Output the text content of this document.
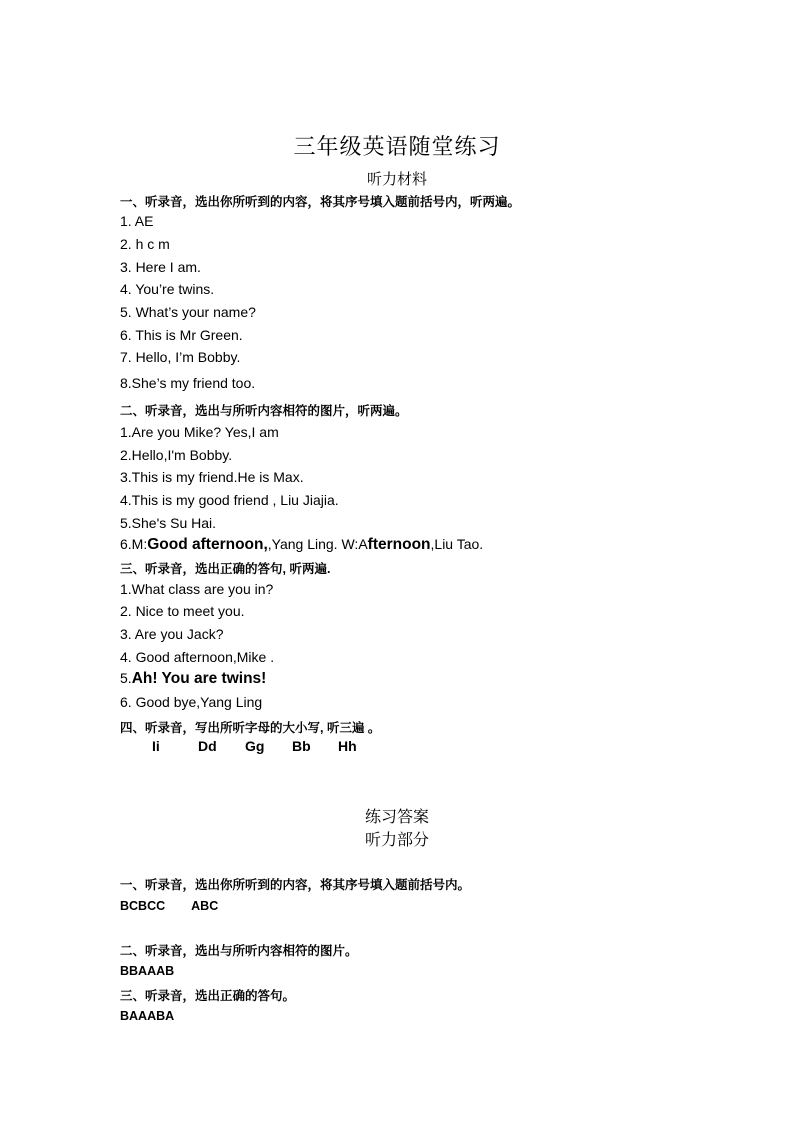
三年级英语随堂练习
听力材料
一、听录音，选出你所听到的内容，将其序号填入题前括号内，听两遍。
1. AE
2. h c m
3. Here I am.
4. You’re twins.
5. What’s your name?
6. This is Mr Green.
7. Hello, I’m Bobby.
8.She’s my friend too.
二、听录音，选出与所听内容相符的图片，听两遍。
1.Are you Mike? Yes,I am
2.Hello,I'm Bobby.
3.This is my friend.He is Max.
4.This is my good friend , Liu Jiajia.
5.She's Su Hai.
6.M:Good afternoon,,Yang Ling. W:Afternoon,Liu Tao.
三、听录音，选出正确的答句, 听两遍.
1.What class are you in?
2. Nice to meet you.
3. Are you Jack?
4. Good afternoon,Mike .
5.Ah! You are twins!
6. Good bye,Yang Ling
四、听录音，写出所听字母的大小写, 听三遍 。
Ii	Dd Gg Bb Hh
练习答案
听力部分
一、听录音，选出你所听到的内容，将其序号填入题前括号内。
BCBCC ABC
二、听录音，选出与所听内容相符的图片。
BBAAAB
三、听录音，选出正确的答句。
BAAABA
